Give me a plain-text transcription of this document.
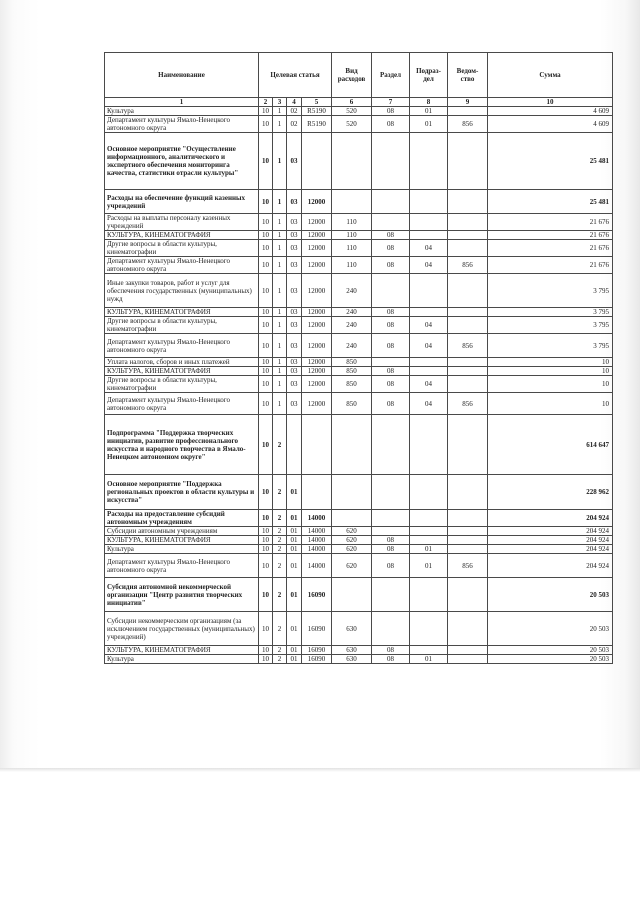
Наименование	Целевая статья				Вид расходов	Раздел	Подраз-дел	Ведом-ство	Сумма
1	2	3	4	5	6	7	8	9	10
Культура	10	1	02	R5190	520	08	01		4 609
Департамент культуры Ямало-Ненецкого автономного округа	10	1	02	R5190	520	08	01	856	4 609
Основное мероприятие "Осуществление информационного, аналитического и экспертного обеспечения мониторинга качества, статистики отрасли культуры"	10	1	03						25 481
Расходы на обеспечение функций казенных учреждений	10	1	03	12000					25 481
Расходы на выплаты персоналу казенных учреждений	10	1	03	12000	110				21 676
КУЛЬТУРА, КИНЕМАТОГРАФИЯ	10	1	03	12000	110	08			21 676
Другие вопросы в области культуры, кинематографии	10	1	03	12000	110	08	04		21 676
Департамент культуры Ямало-Ненецкого автономного округа	10	1	03	12000	110	08	04	856	21 676
Иные закупки товаров, работ и услуг для обеспечения государственных (муниципальных) нужд	10	1	03	12000	240				3 795
КУЛЬТУРА, КИНЕМАТОГРАФИЯ	10	1	03	12000	240	08			3 795
Другие вопросы в области культуры, кинематографии	10	1	03	12000	240	08	04		3 795
Департамент культуры Ямало-Ненецкого автономного округа	10	1	03	12000	240	08	04	856	3 795
Уплата налогов, сборов и иных платежей	10	1	03	12000	850				10
КУЛЬТУРА, КИНЕМАТОГРАФИЯ	10	1	03	12000	850	08			10
Другие вопросы в области культуры, кинематографии	10	1	03	12000	850	08	04		10
Департамент культуры Ямало-Ненецкого автономного округа	10	1	03	12000	850	08	04	856	10
Подпрограмма "Поддержка творческих инициатив, развитие профессионального искусства и народного творчества в Ямало-Ненецком автономном округе"	10	2							614 647
Основное мероприятие "Поддержка региональных проектов в области культуры и искусства"	10	2	01						228 962
Расходы на предоставление субсидий автономным учреждениям	10	2	01	14000					204 924
Субсидии автономным учреждениям	10	2	01	14000	620				204 924
КУЛЬТУРА, КИНЕМАТОГРАФИЯ	10	2	01	14000	620	08			204 924
Культура	10	2	01	14000	620	08	01		204 924
Департамент культуры Ямало-Ненецкого автономного округа	10	2	01	14000	620	08	01	856	204 924
Субсидия автономной некоммерческой организации "Центр развития творческих инициатив"	10	2	01	16090					20 503
Субсидии некоммерческим организациям (за исключением государственных (муниципальных) учреждений)	10	2	01	16090	630				20 503
КУЛЬТУРА, КИНЕМАТОГРАФИЯ	10	2	01	16090	630	08			20 503
Культура	10	2	01	16090	630	08	01		20 503
